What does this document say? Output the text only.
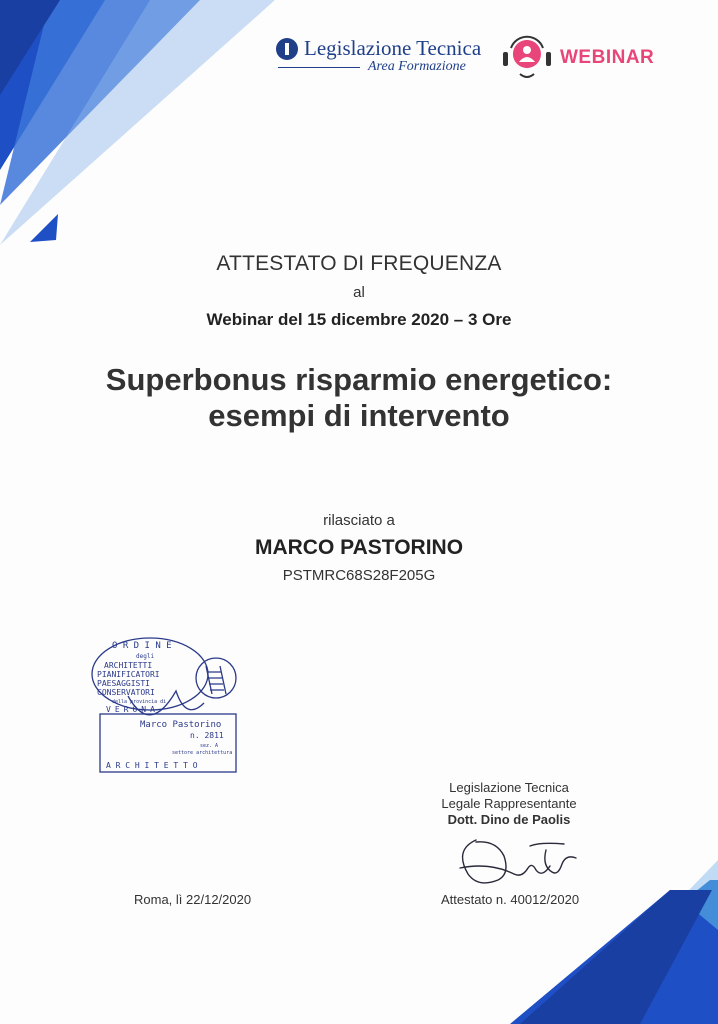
Legislazione Tecnica
Area Formazione	WEBINAR
ATTESTATO DI FREQUENZA
al
Webinar del 15 dicembre 2020 – 3 Ore
Superbonus risparmio energetico:
esempi di intervento
rilasciato a
MARCO PASTORINO
PSTMRC68S28F205G
O R D I N E
degli
ARCHITETTI
PIANIFICATORI
PAESAGGISTI
CONSERVATORI
della provincia di
VERONA
Marco Pastorino
n. 2811
sez. A
settore architettura
A R C H I T E T T O
Legislazione Tecnica
Legale Rappresentante
Dott. Dino de Paolis
Roma, lì 22/12/2020	Attestato n. 40012/2020
